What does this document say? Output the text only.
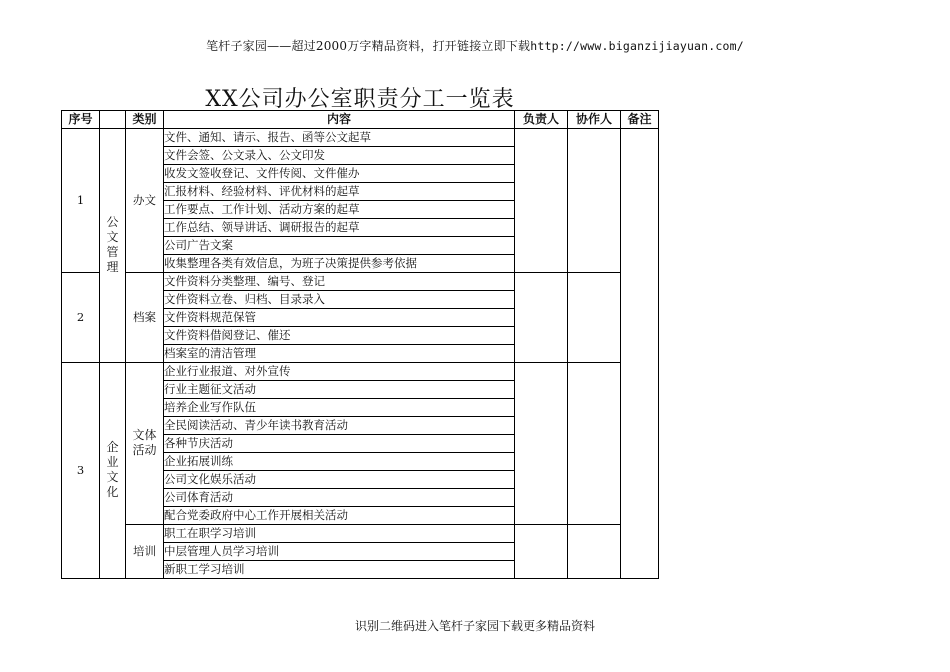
笔杆子家园——超过2000万字精品资料，打开链接立即下载http://www.biganzijiayuan.com/
XX公司办公室职责分工一览表
序号		类别	内容	负责人	协作人	备注
1	公文管理	办文	文件、通知、请示、报告、函等公文起草			
			文件会签、公文录入、公文印发			
			收发文签收登记、文件传阅、文件催办			
			汇报材料、经验材料、评优材料的起草			
			工作要点、工作计划、活动方案的起草			
			工作总结、领导讲话、调研报告的起草			
			公司广告文案			
			收集整理各类有效信息，为班子决策提供参考依据			
2		档案	文件资料分类整理、编号、登记			
			文件资料立卷、归档、目录录入			
			文件资料规范保管			
			文件资料借阅登记、催还			
			档案室的清洁管理			
3	企业文化	文体活动	企业行业报道、对外宣传			
			行业主题征文活动			
			培养企业写作队伍			
			全民阅读活动、青少年读书教育活动			
			各种节庆活动			
			企业拓展训练			
			公司文化娱乐活动			
			公司体育活动			
			配合党委政府中心工作开展相关活动			
		培训	职工在职学习培训			
			中层管理人员学习培训			
			新职工学习培训			
识别二维码进入笔杆子家园下载更多精品资料
